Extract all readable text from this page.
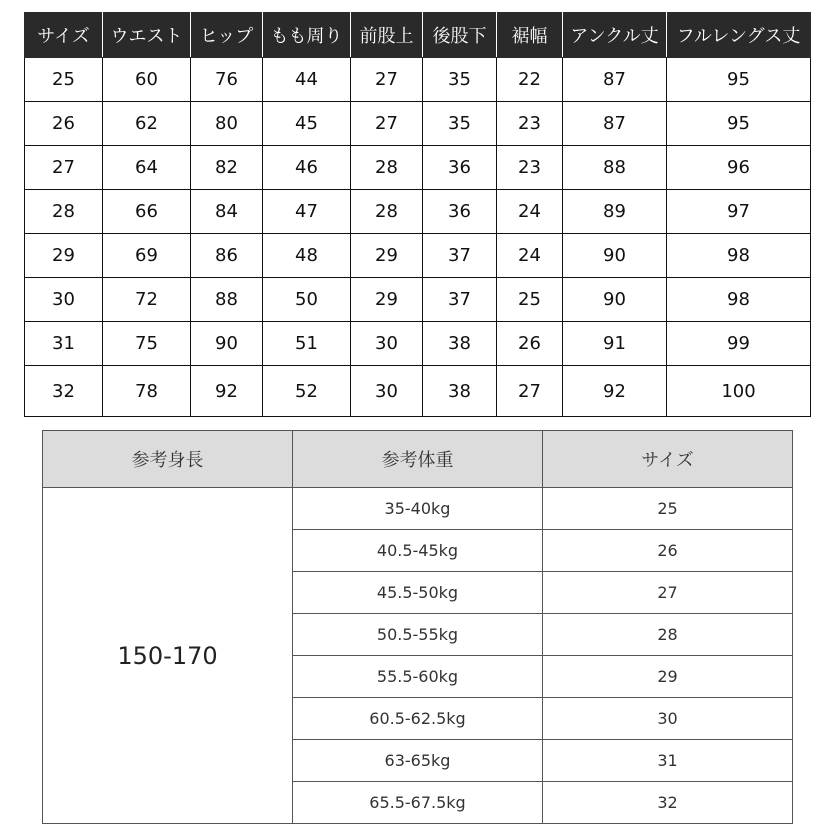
サイズ	ウエスト	ヒップ	もも周り	前股上	後股下	裾幅	アンクル丈	フルレングス丈
25	60	76	44	27	35	22	87	95
26	62	80	45	27	35	23	87	95
27	64	82	46	28	36	23	88	96
28	66	84	47	28	36	24	89	97
29	69	86	48	29	37	24	90	98
30	72	88	50	29	37	25	90	98
31	75	90	51	30	38	26	91	99
32	78	92	52	30	38	27	92	100
参考身長	参考体重	サイズ
150-170	35-40kg	25
	40.5-45kg	26
	45.5-50kg	27
	50.5-55kg	28
	55.5-60kg	29
	60.5-62.5kg	30
	63-65kg	31
	65.5-67.5kg	32
